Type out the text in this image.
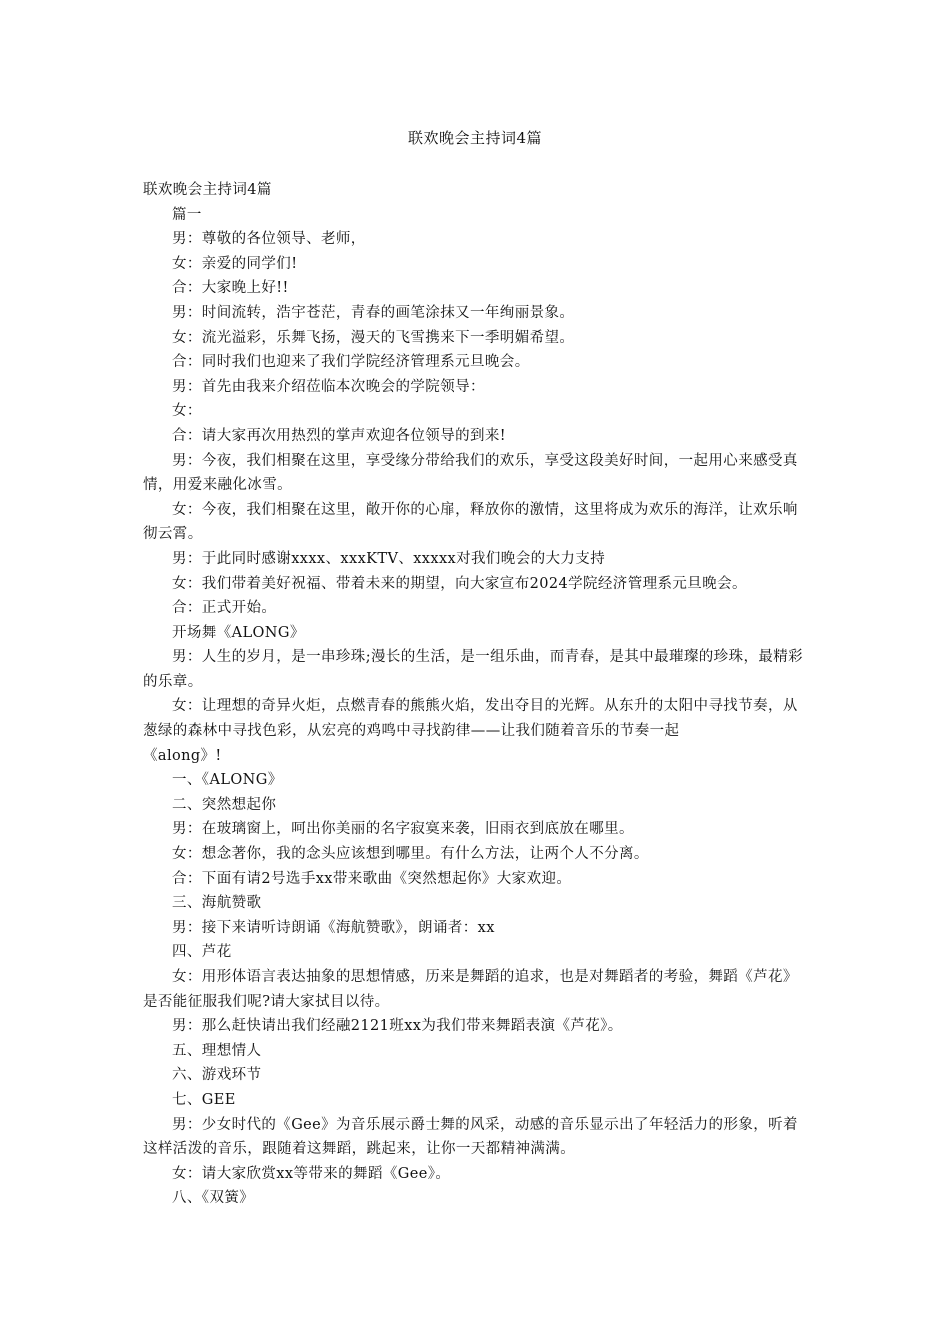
联欢晚会主持词4篇

联欢晚会主持词4篇

篇一

男：尊敬的各位领导、老师，

女：亲爱的同学们!

合：大家晚上好!!

男：时间流转，浩宇苍茫，青春的画笔涂抹又一年绚丽景象。

女：流光溢彩，乐舞飞扬，漫天的飞雪携来下一季明媚希望。

合：同时我们也迎来了我们学院经济管理系元旦晚会。

男：首先由我来介绍莅临本次晚会的学院领导：

女：

合：请大家再次用热烈的掌声欢迎各位领导的到来!

男：今夜，我们相聚在这里，享受缘分带给我们的欢乐，享受这段美好时间，一起用心来感受真情，用爱来融化冰雪。

女：今夜，我们相聚在这里，敞开你的心扉，释放你的激情，这里将成为欢乐的海洋，让欢乐响彻云霄。

男：于此同时感谢xxxx、xxxKTV、xxxxx对我们晚会的大力支持

女：我们带着美好祝福、带着未来的期望，向大家宣布2024学院经济管理系元旦晚会。

合：正式开始。

开场舞《ALONG》

男：人生的岁月，是一串珍珠;漫长的生活，是一组乐曲，而青春，是其中最璀璨的珍珠，最精彩的乐章。

女：让理想的奇异火炬，点燃青春的熊熊火焰，发出夺目的光辉。从东升的太阳中寻找节奏，从葱绿的森林中寻找色彩，从宏亮的鸡鸣中寻找韵律——让我们随着音乐的节奏一起

《along》!

一、《ALONG》

二、突然想起你

男：在玻璃窗上，呵出你美丽的名字寂寞来袭，旧雨衣到底放在哪里。

女：想念著你，我的念头应该想到哪里。有什么方法，让两个人不分离。

合：下面有请2号选手xx带来歌曲《突然想起你》大家欢迎。

三、海航赞歌

男：接下来请听诗朗诵《海航赞歌》，朗诵者：xx

四、芦花

女：用形体语言表达抽象的思想情感，历来是舞蹈的追求，也是对舞蹈者的考验，舞蹈《芦花》是否能征服我们呢?请大家拭目以待。

男：那么赶快请出我们经融2121班xx为我们带来舞蹈表演《芦花》。

五、理想情人

六、游戏环节

七、GEE

男：少女时代的《Gee》为音乐展示爵士舞的风采，动感的音乐显示出了年轻活力的形象，听着这样活泼的音乐，跟随着这舞蹈，跳起来，让你一天都精神满满。

女：请大家欣赏xx等带来的舞蹈《Gee》。

八、《双簧》
